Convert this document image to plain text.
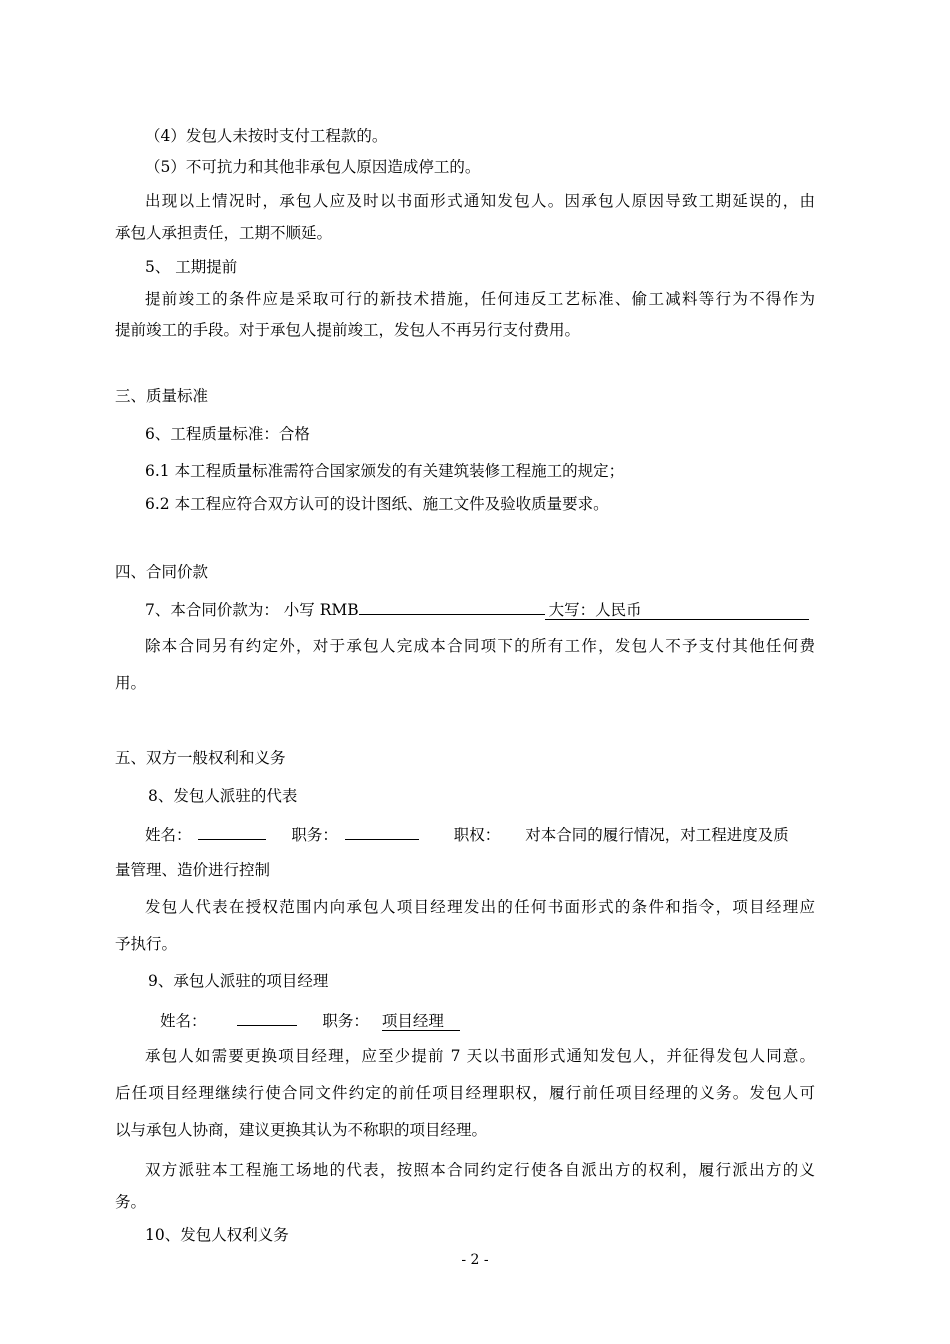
（4）发包人未按时支付工程款的。
（5）不可抗力和其他非承包人原因造成停工的。
出现以上情况时，承包人应及时以书面形式通知发包人。因承包人原因导致工期延误的，由
承包人承担责任，工期不顺延。
5、 工期提前
提前竣工的条件应是采取可行的新技术措施，任何违反工艺标准、偷工减料等行为不得作为
提前竣工的手段。对于承包人提前竣工，发包人不再另行支付费用。
三、质量标准
6、工程质量标准：合格
6.1 本工程质量标准需符合国家颁发的有关建筑装修工程施工的规定；
6.2 本工程应符合双方认可的设计图纸、施工文件及验收质量要求。
四、合同价款
7、本合同价款为： 小写 RMB	大写：人民币
除本合同另有约定外，对于承包人完成本合同项下的所有工作，发包人不予支付其他任何费
用。
五、双方一般权利和义务
8、发包人派驻的代表
姓名：	职务：	职权： 对本合同的履行情况，对工程进度及质
量管理、造价进行控制
发包人代表在授权范围内向承包人项目经理发出的任何书面形式的条件和指令，项目经理应
予执行。
9、承包人派驻的项目经理
姓名：	职务： 项目经理
承包人如需要更换项目经理，应至少提前 7 天以书面形式通知发包人，并征得发包人同意。
后任项目经理继续行使合同文件约定的前任项目经理职权，履行前任项目经理的义务。发包人可
以与承包人协商，建议更换其认为不称职的项目经理。
双方派驻本工程施工场地的代表，按照本合同约定行使各自派出方的权利，履行派出方的义
务。
10、发包人权利义务
- 2 -
